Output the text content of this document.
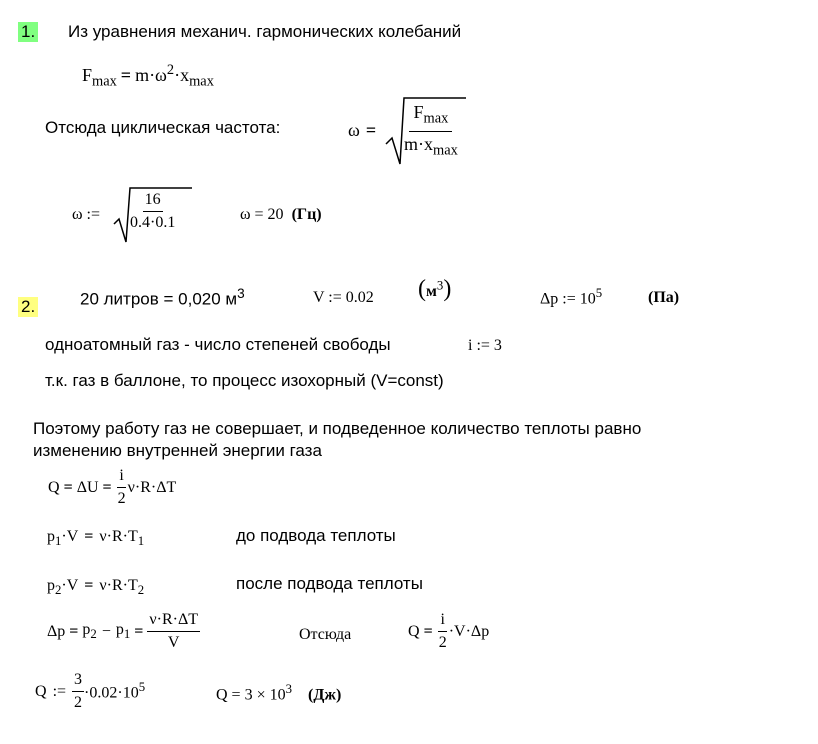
1. Из уравнения механич. гармонических колебаний
$F_{max} = m\cdot\omega^2\cdot x_{max}$
Отсюда циклическая частота:	ω =	$\frac{F_{max}}{m\cdot x_{max}}$
ω := $\frac{16}{0.4\cdot 0.1}$	ω = 20 (Гц)
2.	20 литров = 0,020 $м^3$	V := 0.02 $(м^3)$	Δp := $10^5$	(Па)
одноатомный газ - число степеней свободы	i := 3
т.к. газ в баллоне, то процесс изохорный (V=const)
Поэтому работу газ не совершает, и подведенное количество теплоты равно
изменению внутренней энергии газа
$Q = \Delta U = \frac{i}{2} \nu\cdot R\cdot\Delta T$
$p_1\cdot V = \nu\cdot R\cdot T_1$	до подвода теплоты
$p_2\cdot V = \nu\cdot R\cdot T_2$	после подвода теплоты
$\Delta p = p_2 - p_1 = \frac{\nu\cdot R\cdot\Delta T}{V}$	Отсюда	$Q = \frac{i}{2} \cdot V\cdot\Delta p$
Q := $\frac{3}{2} \cdot 0.02\cdot 10^5$	$Q = 3 \times 10^3$ (Дж)
